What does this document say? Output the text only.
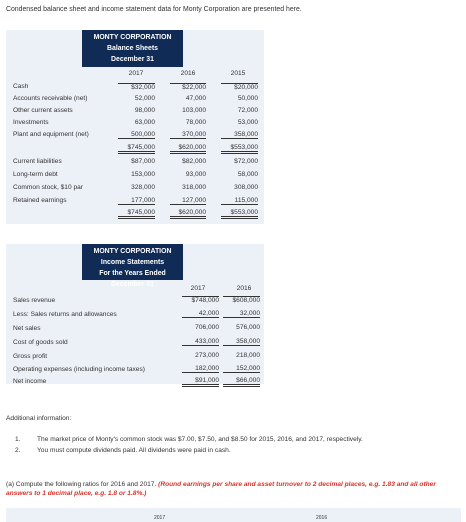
Condensed balance sheet and income statement data for Monty Corporation are presented here.
MONTY CORPORATION
Balance Sheets
December 31
2017	2016	2015
Cash	$32,000	$22,000	$20,000
Accounts receivable (net)	52,000	47,000	50,000
Other current assets	98,000	103,000	72,000
Investments	63,000	78,000	53,000
Plant and equipment (net)	500,000	370,000	358,000
$745,000	$620,000	$553,000
Current liabilities	$87,000	$82,000	$72,000
Long-term debt	153,000	93,000	58,000
Common stock, $10 par	328,000	318,000	308,000
Retained earnings	177,000	127,000	115,000
$745,000	$620,000	$553,000
MONTY CORPORATION
Income Statements
For the Years Ended December 31
2017	2016
Sales revenue	$748,000	$608,000
Less: Sales returns and allowances	42,000	32,000
Net sales	706,000	576,000
Cost of goods sold	433,000	358,000
Gross profit	273,000	218,000
Operating expenses (including income taxes)	182,000	152,000
Net income	$91,000	$66,000
Additional information:
1.	The market price of Monty's common stock was $7.00, $7.50, and $8.50 for 2015, 2016, and 2017, respectively.
2.	You must compute dividends paid. All dividends were paid in cash.
(a) Compute the following ratios for 2016 and 2017. (Round earnings per share and asset turnover to 2 decimal places, e.g. 1.83 and all other answers to 1 decimal place, e.g. 1.8 or 1.8%.)
2017	2016
